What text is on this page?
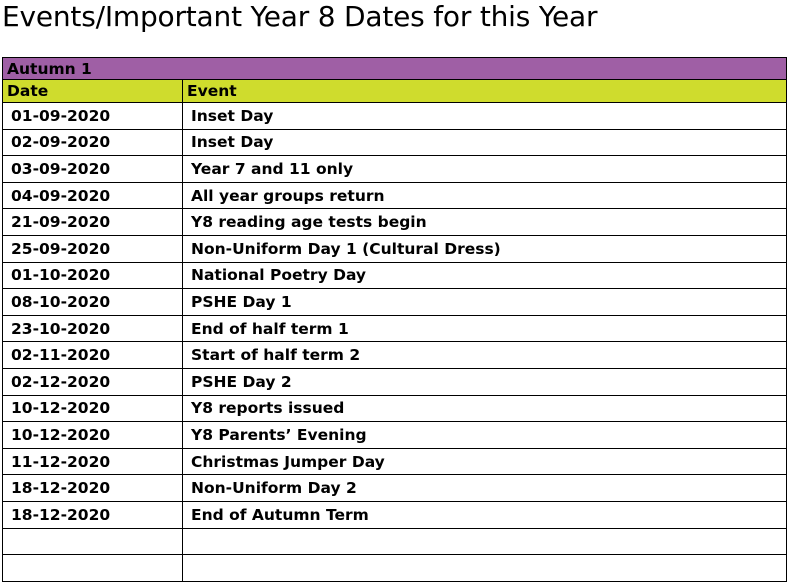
Events/Important Year 8 Dates for this Year
Autumn 1	
Date	Event
01-09-2020	Inset Day
02-09-2020	Inset Day
03-09-2020	Year 7 and 11 only
04-09-2020	All year groups return
21-09-2020	Y8 reading age tests begin
25-09-2020	Non-Uniform Day 1 (Cultural Dress)
01-10-2020	National Poetry Day
08-10-2020	PSHE Day 1
23-10-2020	End of half term 1
02-11-2020	Start of half term 2
02-12-2020	PSHE Day 2
10-12-2020	Y8 reports issued
10-12-2020	Y8 Parents’ Evening
11-12-2020	Christmas Jumper Day
18-12-2020	Non-Uniform Day 2
18-12-2020	End of Autumn Term
